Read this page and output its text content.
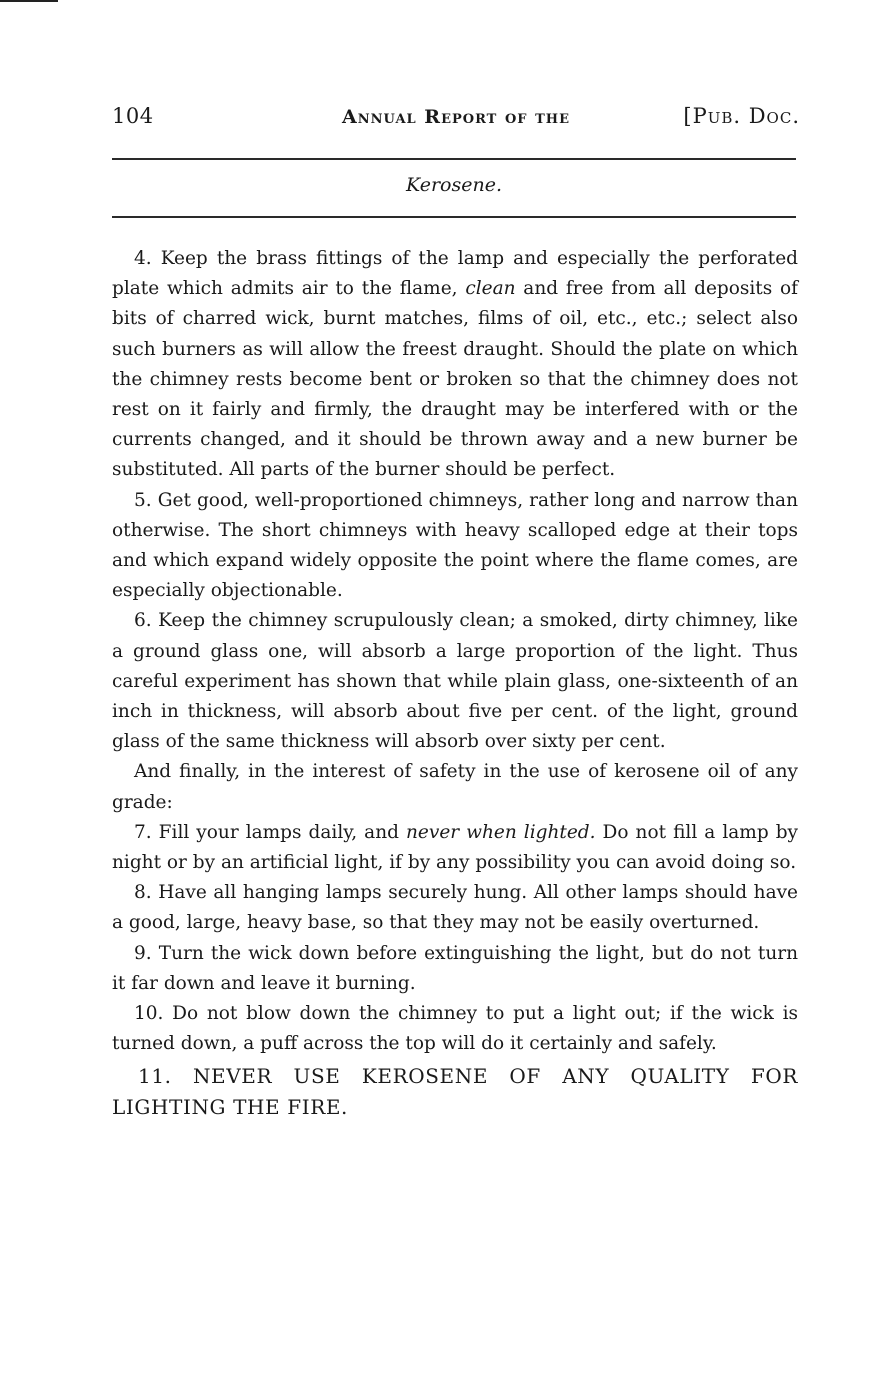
104	Annual Report of the	[Pub. Doc.
Kerosene.

4. Keep the brass fittings of the lamp and especially the perforated plate which admits air to the flame, clean and free from all deposits of bits of charred wick, burnt matches, films of oil, etc., etc.; select also such burners as will allow the freest draught. Should the plate on which the chimney rests become bent or broken so that the chimney does not rest on it fairly and firmly, the draught may be interfered with or the currents changed, and it should be thrown away and a new burner be substituted. All parts of the burner should be perfect.

5. Get good, well-proportioned chimneys, rather long and narrow than otherwise. The short chimneys with heavy scalloped edge at their tops and which expand widely opposite the point where the flame comes, are especially objectionable.

6. Keep the chimney scrupulously clean; a smoked, dirty chimney, like a ground glass one, will absorb a large proportion of the light. Thus careful experiment has shown that while plain glass, one-sixteenth of an inch in thickness, will absorb about five per cent. of the light, ground glass of the same thickness will absorb over sixty per cent.

And finally, in the interest of safety in the use of kerosene oil of any grade:

7. Fill your lamps daily, and never when lighted. Do not fill a lamp by night or by an artificial light, if by any possibility you can avoid doing so.

8. Have all hanging lamps securely hung. All other lamps should have a good, large, heavy base, so that they may not be easily overturned.

9. Turn the wick down before extinguishing the light, but do not turn it far down and leave it burning.

10. Do not blow down the chimney to put a light out; if the wick is turned down, a puff across the top will do it certainly and safely.

11. NEVER USE KEROSENE OF ANY QUALITY FOR LIGHTING THE FIRE.
